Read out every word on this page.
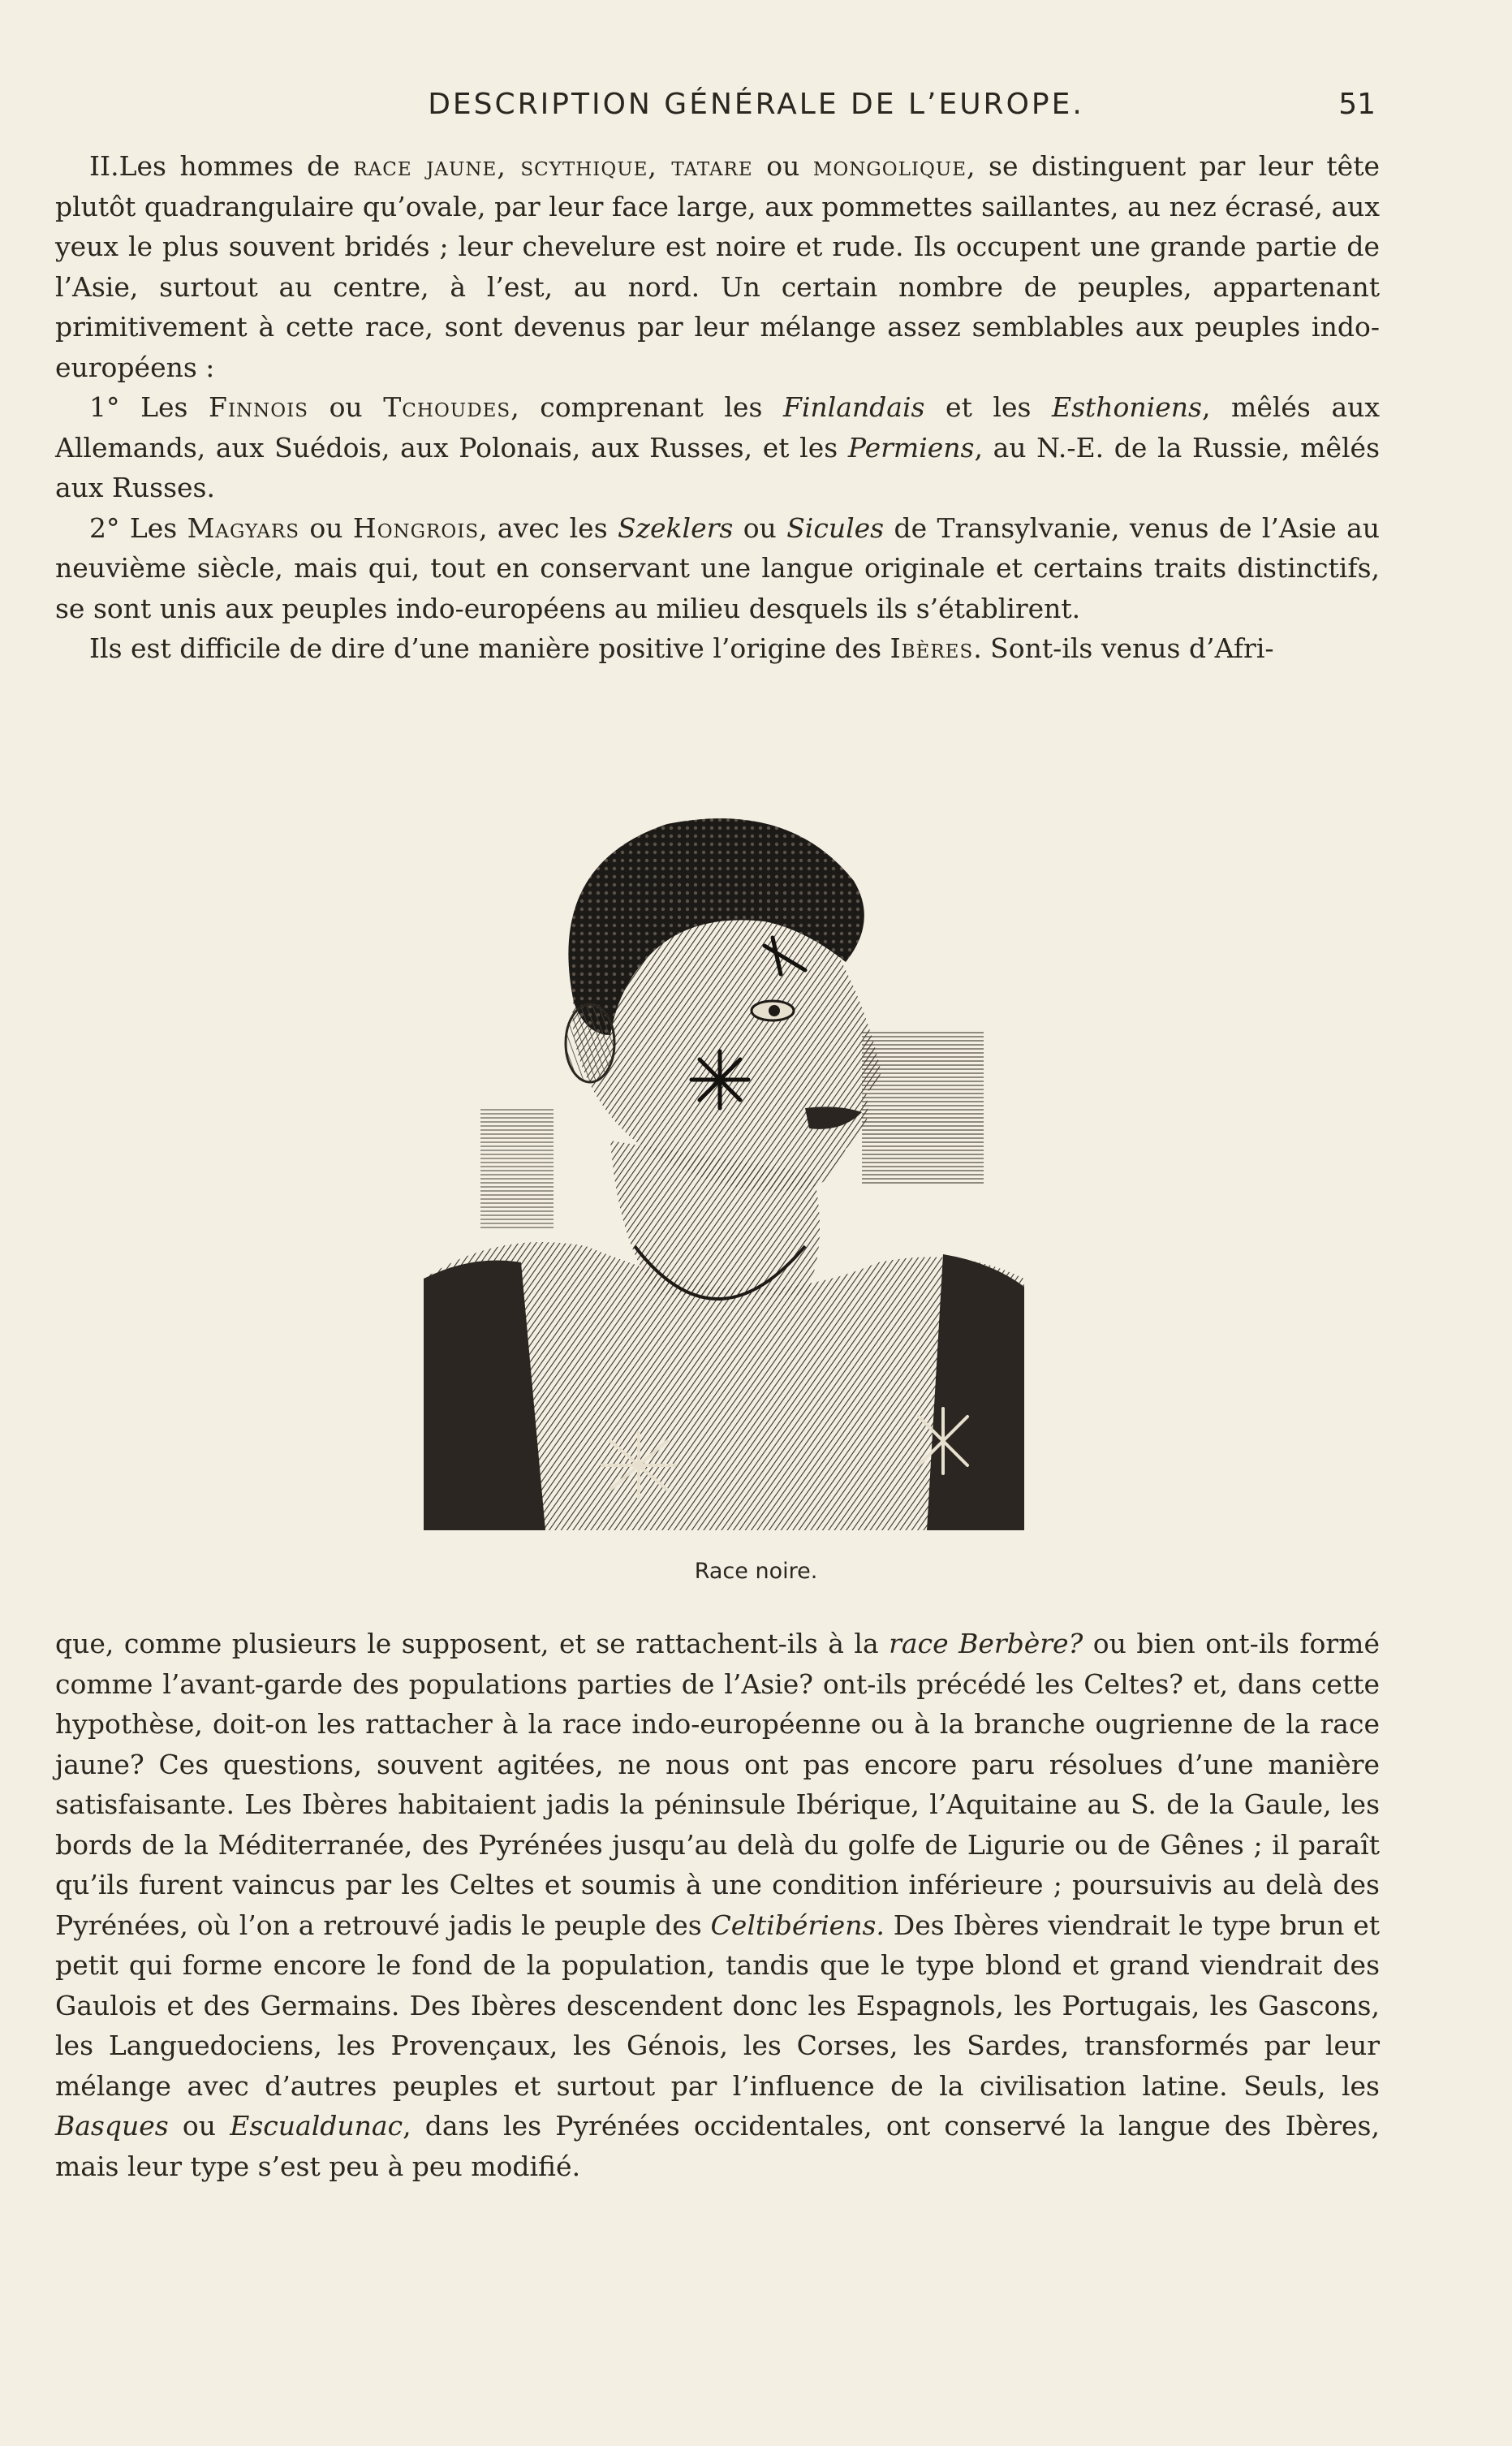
DESCRIPTION GÉNÉRALE DE L’EUROPE.	51

II.Les hommes de race jaune, scythique, tatare ou mongolique, se distinguent par leur tête plutôt quadrangulaire qu’ovale, par leur face large, aux pommettes saillantes, au nez écrasé, aux yeux le plus souvent bridés ; leur chevelure est noire et rude. Ils occupent une grande partie de l’Asie, surtout au centre, à l’est, au nord. Un certain nombre de peuples, appartenant primitivement à cette race, sont devenus par leur mélange assez semblables aux peuples indo-européens :

1° Les Finnois ou Tchoudes, comprenant les Finlandais et les Esthoniens, mêlés aux Allemands, aux Suédois, aux Polonais, aux Russes, et les Permiens, au N.-E. de la Russie, mêlés aux Russes.

2° Les Magyars ou Hongrois, avec les Szeklers ou Sicules de Transylvanie, venus de l’Asie au neuvième siècle, mais qui, tout en conservant une langue originale et certains traits distinctifs, se sont unis aux peuples indo-européens au milieu desquels ils s’établirent.

Ils est difficile de dire d’une manière positive l’origine des Ibères. Sont-ils venus d’Afri-

Race noire.

que, comme plusieurs le supposent, et se rattachent-ils à la race Berbère? ou bien ont-ils formé comme l’avant-garde des populations parties de l’Asie? ont-ils précédé les Celtes? et, dans cette hypothèse, doit-on les rattacher à la race indo-européenne ou à la branche ougrienne de la race jaune? Ces questions, souvent agitées, ne nous ont pas encore paru résolues d’une manière satisfaisante. Les Ibères habitaient jadis la péninsule Ibérique, l’Aquitaine au S. de la Gaule, les bords de la Méditerranée, des Pyrénées jusqu’au delà du golfe de Ligurie ou de Gênes ; il paraît qu’ils furent vaincus par les Celtes et soumis à une condition inférieure ; poursuivis au delà des Pyrénées, où l’on a retrouvé jadis le peuple des Celtibériens. Des Ibères viendrait le type brun et petit qui forme encore le fond de la population, tandis que le type blond et grand viendrait des Gaulois et des Germains. Des Ibères descendent donc les Espagnols, les Portugais, les Gascons, les Languedociens, les Provençaux, les Génois, les Corses, les Sardes, transformés par leur mélange avec d’autres peuples et surtout par l’influence de la civilisation latine. Seuls, les Basques ou Escualdunac, dans les Pyrénées occidentales, ont conservé la langue des Ibères, mais leur type s’est peu à peu modifié.
